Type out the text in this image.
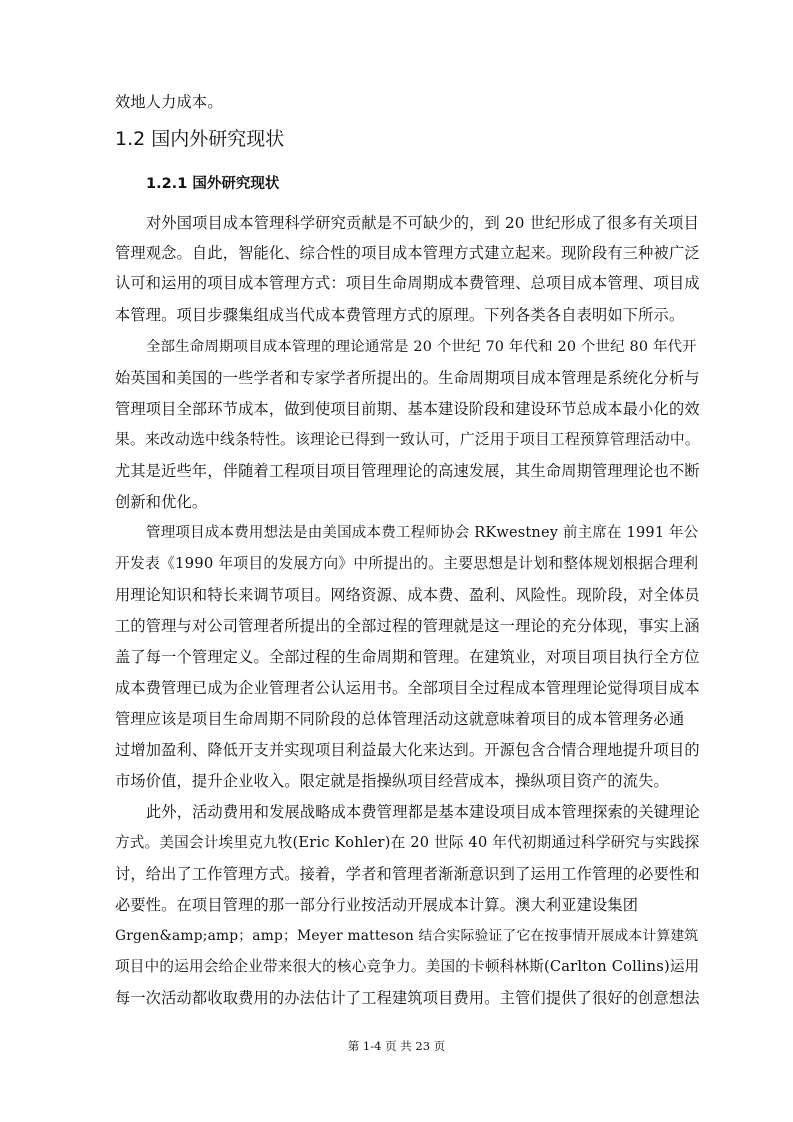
效地人力成本。
1.2 国内外研究现状
1.2.1 国外研究现状
对外国项目成本管理科学研究贡献是不可缺少的，到 20 世纪形成了很多有关项目
管理观念。自此，智能化、综合性的项目成本管理方式建立起来。现阶段有三种被广泛
认可和运用的项目成本管理方式：项目生命周期成本费管理、总项目成本管理、项目成
本管理。项目步骤集组成当代成本费管理方式的原理。下列各类各自表明如下所示。
全部生命周期项目成本管理的理论通常是 20 个世纪 70 年代和 20 个世纪 80 年代开
始英国和美国的一些学者和专家学者所提出的。生命周期项目成本管理是系统化分析与
管理项目全部环节成本，做到使项目前期、基本建设阶段和建设环节总成本最小化的效
果。来改动选中线条特性。该理论已得到一致认可，广泛用于项目工程预算管理活动中。
尤其是近些年，伴随着工程项目项目管理理论的高速发展，其生命周期管理理论也不断
创新和优化。
管理项目成本费用想法是由美国成本费工程师协会 RKwestney 前主席在 1991 年公
开发表《1990 年项目的发展方向》中所提出的。主要思想是计划和整体规划根据合理利
用理论知识和特长来调节项目。网络资源、成本费、盈利、风险性。现阶段，对全体员
工的管理与对公司管理者所提出的全部过程的管理就是这一理论的充分体现，事实上涵
盖了每一个管理定义。全部过程的生命周期和管理。在建筑业，对项目项目执行全方位
成本费管理已成为企业管理者公认运用书。全部项目全过程成本管理理论觉得项目成本
管理应该是项目生命周期不同阶段的总体管理活动这就意味着项目的成本管理务必通
过增加盈利、降低开支并实现项目利益最大化来达到。开源包含合情合理地提升项目的
市场价值，提升企业收入。限定就是指操纵项目经营成本，操纵项目资产的流失。
此外，活动费用和发展战略成本费管理都是基本建设项目成本管理探索的关键理论
方式。美国会计埃里克九牧(Eric Kohler)在 20 世际 40 年代初期通过科学研究与实践探
讨，给出了工作管理方式。接着，学者和管理者渐渐意识到了运用工作管理的必要性和
必要性。在项目管理的那一部分行业按活动开展成本计算。澳大利亚建设集团
Grgen&amp;amp；amp；Meyer matteson 结合实际验证了它在按事情开展成本计算建筑
项目中的运用会给企业带来很大的核心竞争力。美国的卡顿科林斯(Carlton Collins)运用
每一次活动都收取费用的办法估计了工程建筑项目费用。主管们提供了很好的创意想法
第 1-4 页 共 23 页
